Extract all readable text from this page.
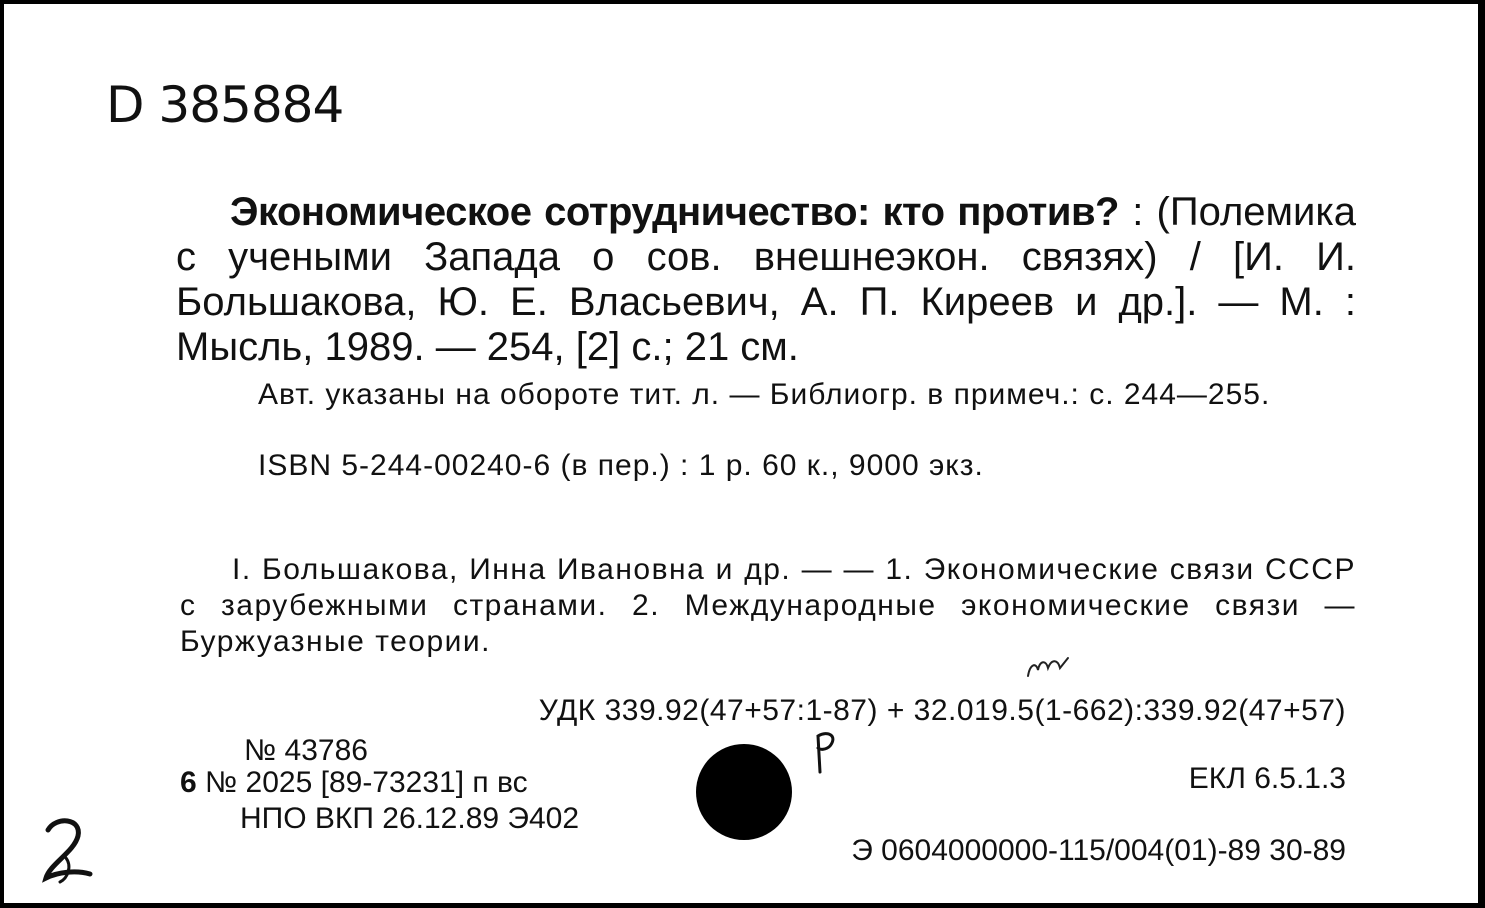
D 385884
Экономическое сотрудничество: кто против? : (Полемика с учеными Запада о сов. внешнеэкон. связях) / [И. И. Большакова, Ю. Е. Власьевич, А. П. Киреев и др.]. — М. : Мысль, 1989. — 254, [2] с.; 21 см.
Авт. указаны на обороте тит. л. — Библиогр. в примеч.: с. 244—255.
ISBN 5-244-00240-6 (в пер.) : 1 р. 60 к., 9000 экз.
I. Большакова, Инна Ивановна и др. — — 1. Экономические связи СССР с зарубежными странами. 2. Международные экономические связи — Буржуазные теории.
УДК 339.92(47+57:1-87) + 32.019.5(1-662):339.92(47+57)
№ 43786
6 № 2025 [89-73231] п вс
НПО ВКП 26.12.89 Э402
ЕКЛ 6.5.1.3
Э 0604000000-115/004(01)-89 30-89
